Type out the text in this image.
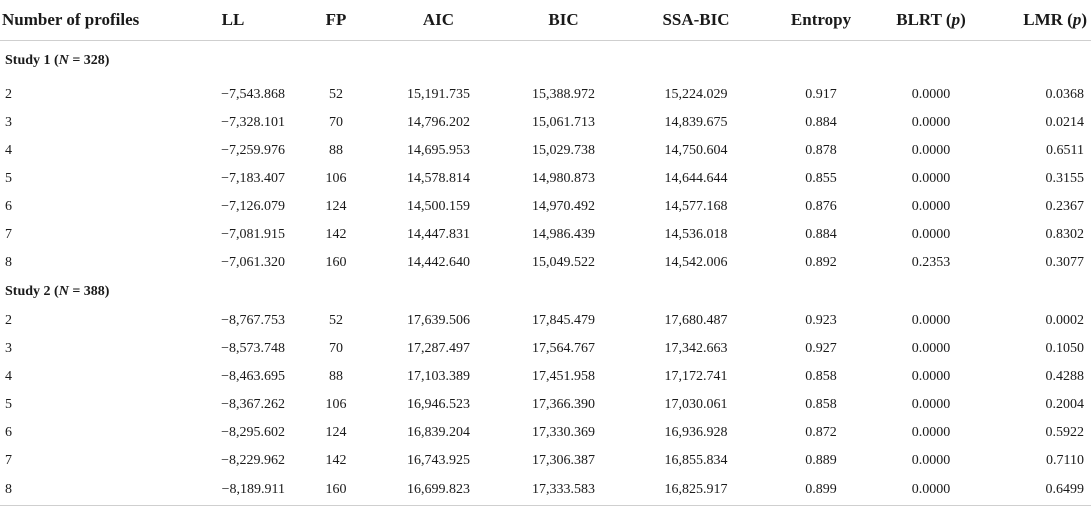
Number of profiles	LL	FP	AIC	BIC	SSA-BIC	Entropy	BLRT (p)	LMR (p)
Study 1 (N = 328)								
2	−7,543.868	52	15,191.735	15,388.972	15,224.029	0.917	0.0000	0.0368
3	−7,328.101	70	14,796.202	15,061.713	14,839.675	0.884	0.0000	0.0214
4	−7,259.976	88	14,695.953	15,029.738	14,750.604	0.878	0.0000	0.6511
5	−7,183.407	106	14,578.814	14,980.873	14,644.644	0.855	0.0000	0.3155
6	−7,126.079	124	14,500.159	14,970.492	14,577.168	0.876	0.0000	0.2367
7	−7,081.915	142	14,447.831	14,986.439	14,536.018	0.884	0.0000	0.8302
8	−7,061.320	160	14,442.640	15,049.522	14,542.006	0.892	0.2353	0.3077
Study 2 (N = 388)								
2	−8,767.753	52	17,639.506	17,845.479	17,680.487	0.923	0.0000	0.0002
3	−8,573.748	70	17,287.497	17,564.767	17,342.663	0.927	0.0000	0.1050
4	−8,463.695	88	17,103.389	17,451.958	17,172.741	0.858	0.0000	0.4288
5	−8,367.262	106	16,946.523	17,366.390	17,030.061	0.858	0.0000	0.2004
6	−8,295.602	124	16,839.204	17,330.369	16,936.928	0.872	0.0000	0.5922
7	−8,229.962	142	16,743.925	17,306.387	16,855.834	0.889	0.0000	0.7110
8	−8,189.911	160	16,699.823	17,333.583	16,825.917	0.899	0.0000	0.6499
